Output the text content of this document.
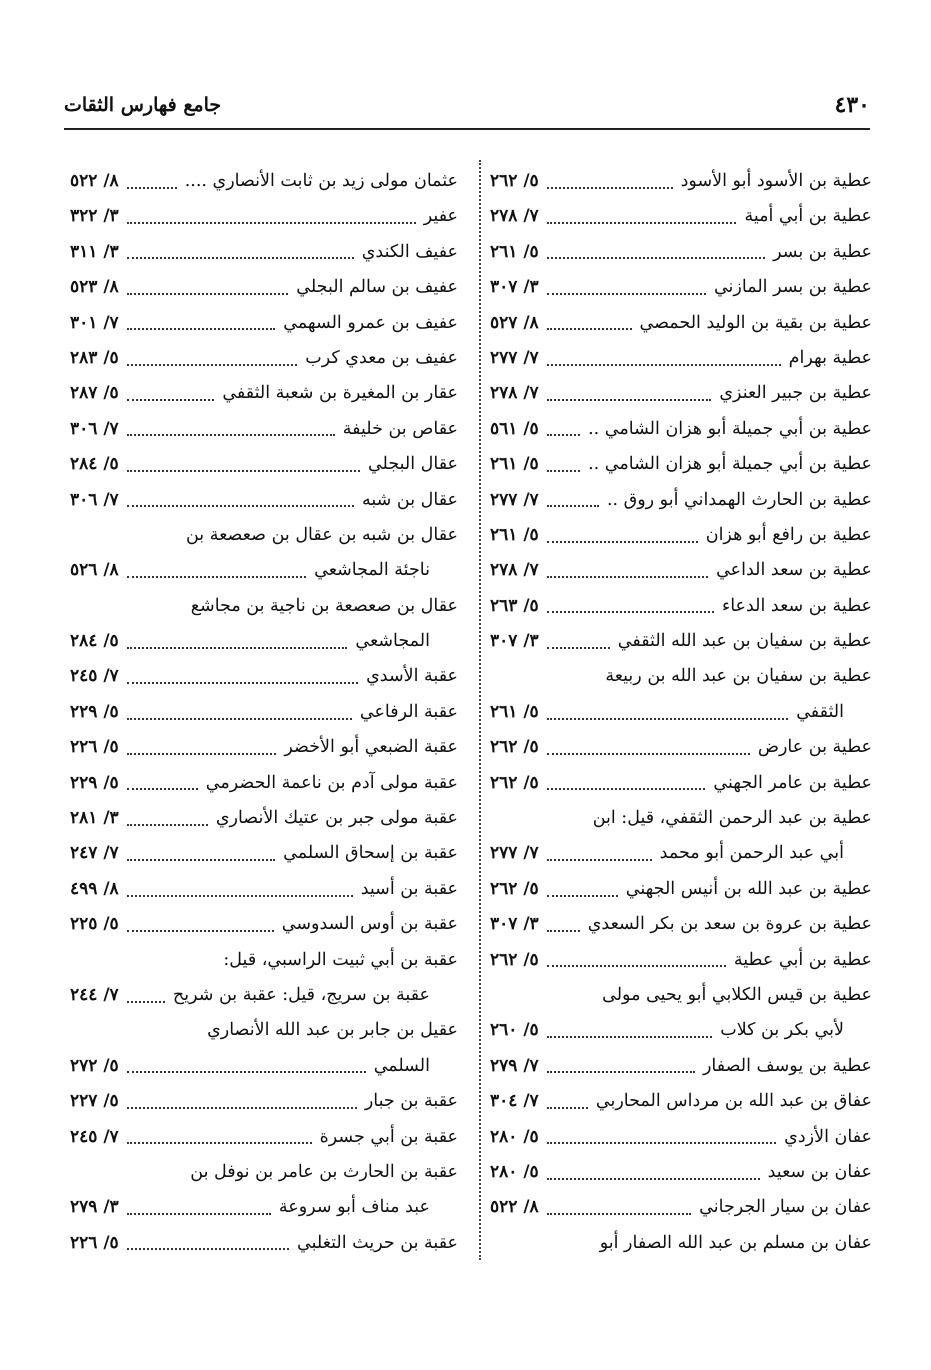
٤٣٠
جامع فهارس الثقات
عطية بن الأسود أبو الأسود
٥/ ٢٦٢
عطية بن أبي أمية
٧/ ٢٧٨
عطية بن بسر
٥/ ٢٦١
عطية بن بسر المازني
٣/ ٣٠٧
عطية بن بقية بن الوليد الحمصي
٨/ ٥٢٧
عطية بهرام
٧/ ٢٧٧
عطية بن جبير العنزي
٧/ ٢٧٨
عطية بن أبي جميلة أبو هزان الشامي ..
٥/ ٥٦١
عطية بن أبي جميلة أبو هزان الشامي ..
٥/ ٢٦١
عطية بن الحارث الهمداني أبو روق ..
٧/ ٢٧٧
عطية بن رافع أبو هزان
٥/ ٢٦١
عطية بن سعد الداعي
٧/ ٢٧٨
عطية بن سعد الدعاء
٥/ ٢٦٣
عطية بن سفيان بن عبد الله الثقفي
٣/ ٣٠٧
عطية بن سفيان بن عبد الله بن ربيعة
الثقفي
٥/ ٢٦١
عطية بن عارض
٥/ ٢٦٢
عطية بن عامر الجهني
٥/ ٢٦٢
عطية بن عبد الرحمن الثقفي، قيل: ابن
أبي عبد الرحمن أبو محمد
٧/ ٢٧٧
عطية بن عبد الله بن أنيس الجهني
٥/ ٢٦٢
عطية بن عروة بن سعد بن بكر السعدي
٣/ ٣٠٧
عطية بن أبي عطية
٥/ ٢٦٢
عطية بن قيس الكلابي أبو يحيى مولى
لأبي بكر بن كلاب
٥/ ٢٦٠
عطية بن يوسف الصفار
٧/ ٢٧٩
عفاق بن عبد الله بن مرداس المحاربي
٧/ ٣٠٤
عفان الأزدي
٥/ ٢٨٠
عفان بن سعيد
٥/ ٢٨٠
عفان بن سيار الجرجاني
٨/ ٥٢٢
عفان بن مسلم بن عبد الله الصفار أبو
عثمان مولى زيد بن ثابت الأنصاري ....
٨/ ٥٢٢
عفير
٣/ ٣٢٢
عفيف الكندي
٣/ ٣١١
عفيف بن سالم البجلي
٨/ ٥٢٣
عفيف بن عمرو السهمي
٧/ ٣٠١
عفيف بن معدي كرب
٥/ ٢٨٣
عقار بن المغيرة بن شعبة الثقفي
٥/ ٢٨٧
عقاص بن خليفة
٧/ ٣٠٦
عقال البجلي
٥/ ٢٨٤
عقال بن شبه
٧/ ٣٠٦
عقال بن شبه بن عقال بن صعصعة بن
ناجئة المجاشعي
٨/ ٥٢٦
عقال بن صعصعة بن ناجية بن مجاشع
المجاشعي
٥/ ٢٨٤
عقبة الأسدي
٧/ ٢٤٥
عقبة الرفاعي
٥/ ٢٢٩
عقبة الضبعي أبو الأخضر
٥/ ٢٢٦
عقبة مولى آدم بن ناعمة الحضرمي
٥/ ٢٢٩
عقبة مولى جبر بن عتيك الأنصاري
٣/ ٢٨١
عقبة بن إسحاق السلمي
٧/ ٢٤٧
عقبة بن أسيد
٨/ ٤٩٩
عقبة بن أوس السدوسي
٥/ ٢٢٥
عقبة بن أبي ثبيت الراسبي، قيل:
عقبة بن سريج، قيل: عقبة بن شريح
٧/ ٢٤٤
عقيل بن جابر بن عبد الله الأنصاري
السلمي
٥/ ٢٧٢
عقبة بن جبار
٥/ ٢٢٧
عقبة بن أبي جسرة
٧/ ٢٤٥
عقبة بن الحارث بن عامر بن نوفل بن
عبد مناف أبو سروعة
٣/ ٢٧٩
عقبة بن حريث التغلبي
٥/ ٢٢٦
